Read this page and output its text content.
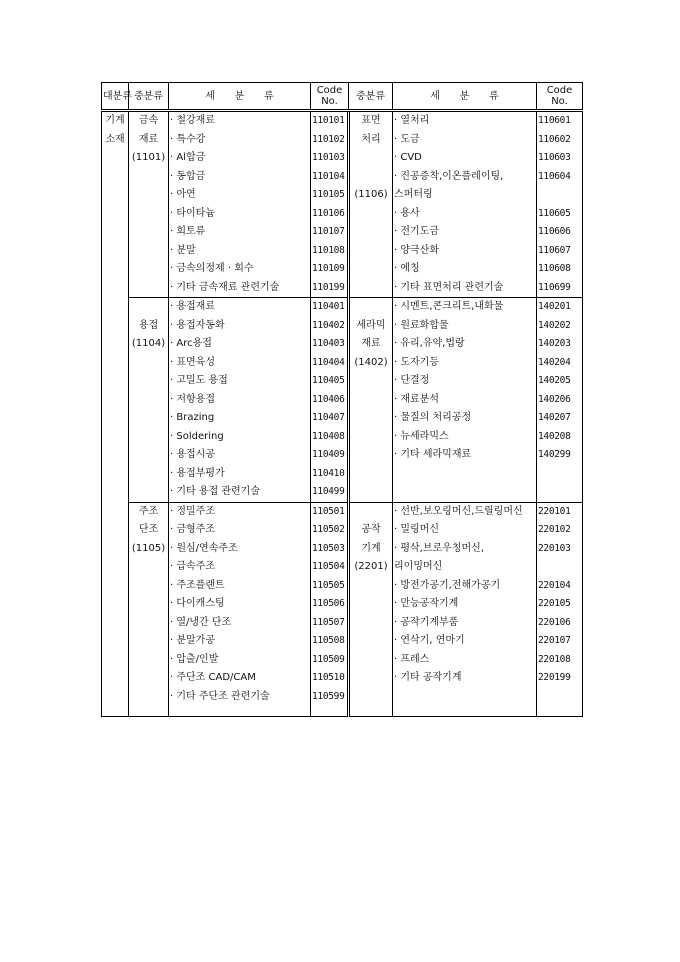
대분류	중분류	세      분      류	Code No.	중분류	세      분      류	Code No.
기계	금속	· 철강재료	110101	표면	· 열처리	110601
소재	재료	· 특수강	110102	처리	· 도금	110602
	(1101)	· Al합금	110103		· CVD	110603
		· 동합금	110104		· 진공증착,이온플레이팅,	110604
		· 아연	110105	(1106)	스퍼터링	
		· 타이타늄	110106		· 용사	110605
		· 희토류	110107		· 전기도금	110606
		· 분말	110108		· 양극산화	110607
		· 금속의정제 · 회수	110109		· 에칭	110608
		· 기타 금속재료 관련기술	110199		· 기타 표면처리 관련기술	110699
		· 용접재료	110401		· 시멘트,콘크리트,내화물	140201
	용접	· 용접자동화	110402	세라믹	· 원료화합물	140202
	(1104)	· Arc용접	110403	재료	· 유리,유약,법랑	140203
		· 표면육성	110404	(1402)	· 도자기등	140204
		· 고밀도 용접	110405		· 단결정	140205
		· 저항용접	110406		· 재료분석	140206
		· Brazing	110407		· 물질의 처리공정	140207
		· Soldering	110408		· 뉴세라믹스	140208
		· 용접시공	110409		· 기타 세라믹재료	140299
		· 용접부평가	110410			
		· 기타 용접 관련기술	110499			
	주조	· 정밀주조	110501		· 선반,보오링머신,드릴링머신	220101
	단조	· 금형주조	110502	공작	· 밀링머신	220102
	(1105)	· 원심/연속주조	110503	기계	· 평삭,브로우칭머신,	220103
		· 급속주조	110504	(2201)	리이밍머신	
		· 주조플랜트	110505		· 방전가공기,전해가공기	220104
		· 다이캐스팅	110506		· 만능공작기계	220105
		· 열/냉간 단조	110507		· 공작기계부품	220106
		· 분말가공	110508		· 연삭기, 연마기	220107
		· 압출/인발	110509		· 프레스	220108
		· 주단조 CAD/CAM	110510		· 기타 공작기계	220199
		· 기타 주단조 관련기술	110599			
